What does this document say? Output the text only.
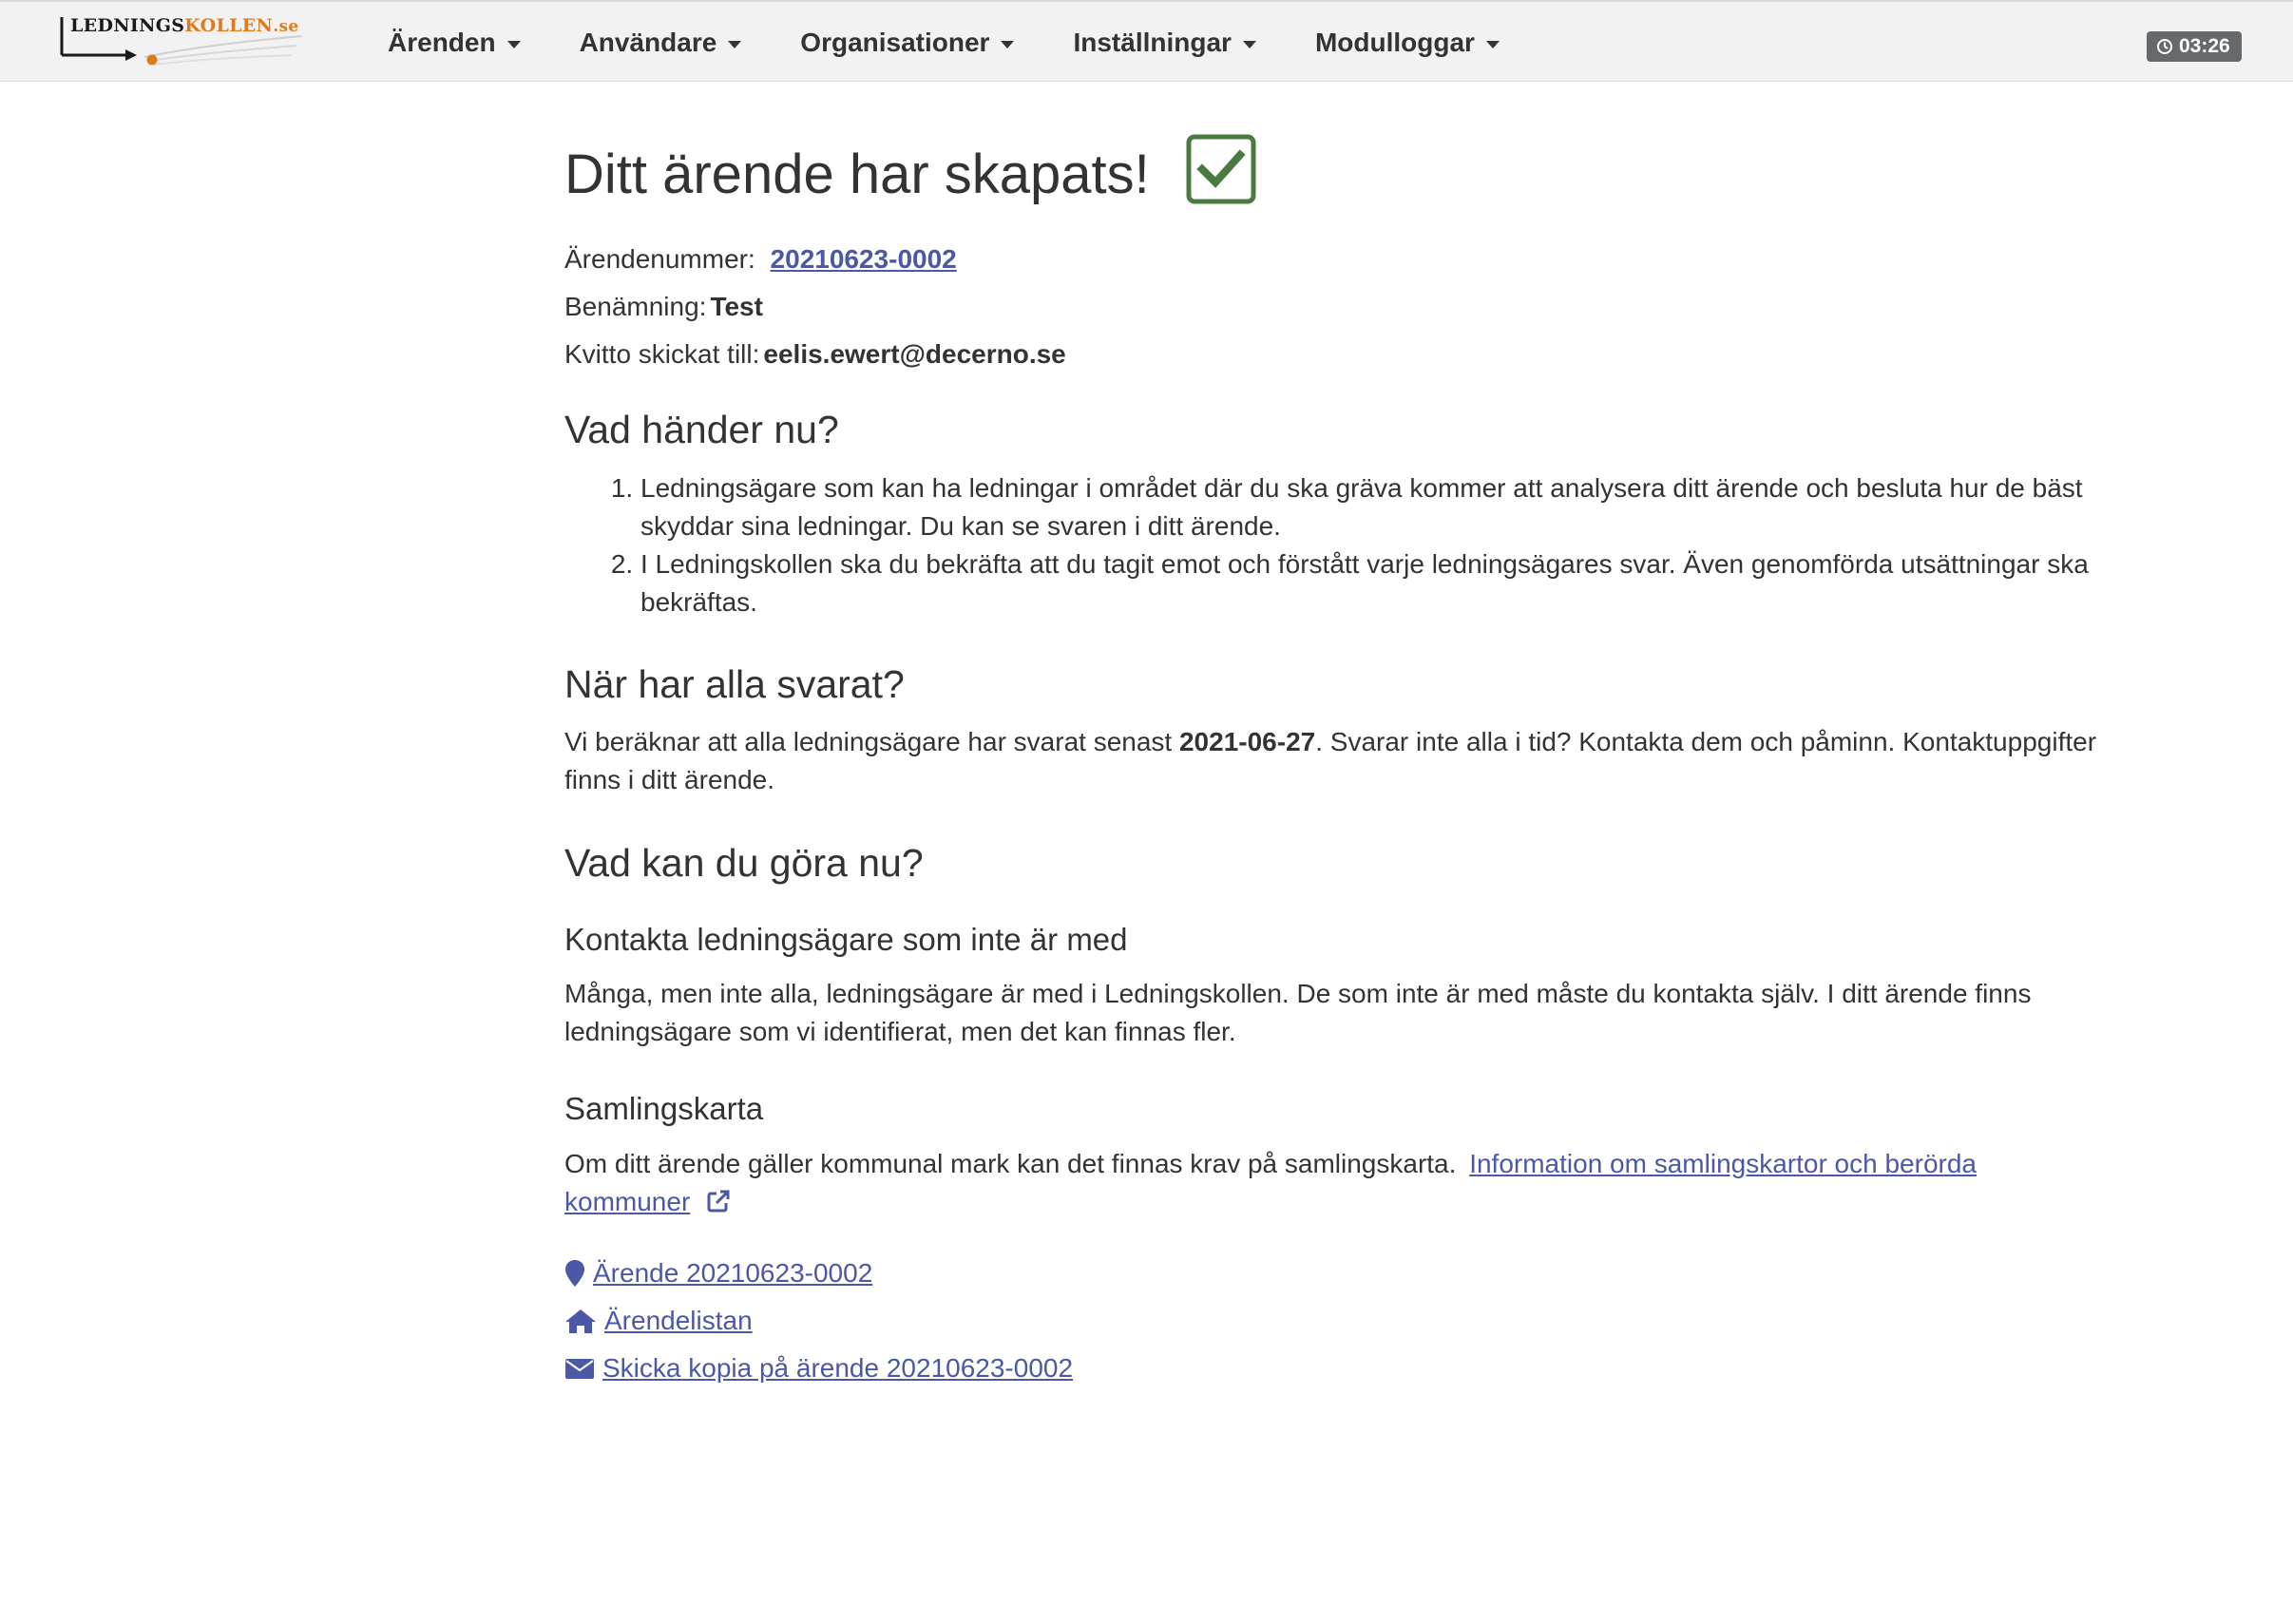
LEDNINGSKOLLEN.se
Ärenden	Användare	Organisationer	Inställningar	Modulloggar	03:26
Ditt ärende har skapats!
Ärendenummer: 20210623-0002
Benämning: Test
Kvitto skickat till: eelis.ewert@decerno.se
Vad händer nu?
1. Ledningsägare som kan ha ledningar i området där du ska gräva kommer att analysera ditt ärende och besluta hur de bäst skyddar sina ledningar. Du kan se svaren i ditt ärende.
2. I Ledningskollen ska du bekräfta att du tagit emot och förstått varje ledningsägares svar. Även genomförda utsättningar ska bekräftas.
När har alla svarat?
Vi beräknar att alla ledningsägare har svarat senast 2021-06-27. Svarar inte alla i tid? Kontakta dem och påminn. Kontaktuppgifter finns i ditt ärende.
Vad kan du göra nu?
Kontakta ledningsägare som inte är med
Många, men inte alla, ledningsägare är med i Ledningskollen. De som inte är med måste du kontakta själv. I ditt ärende finns ledningsägare som vi identifierat, men det kan finnas fler.
Samlingskarta
Om ditt ärende gäller kommunal mark kan det finnas krav på samlingskarta. Information om samlingskartor och berörda
kommuner
Ärende 20210623-0002
Ärendelistan
Skicka kopia på ärende 20210623-0002
